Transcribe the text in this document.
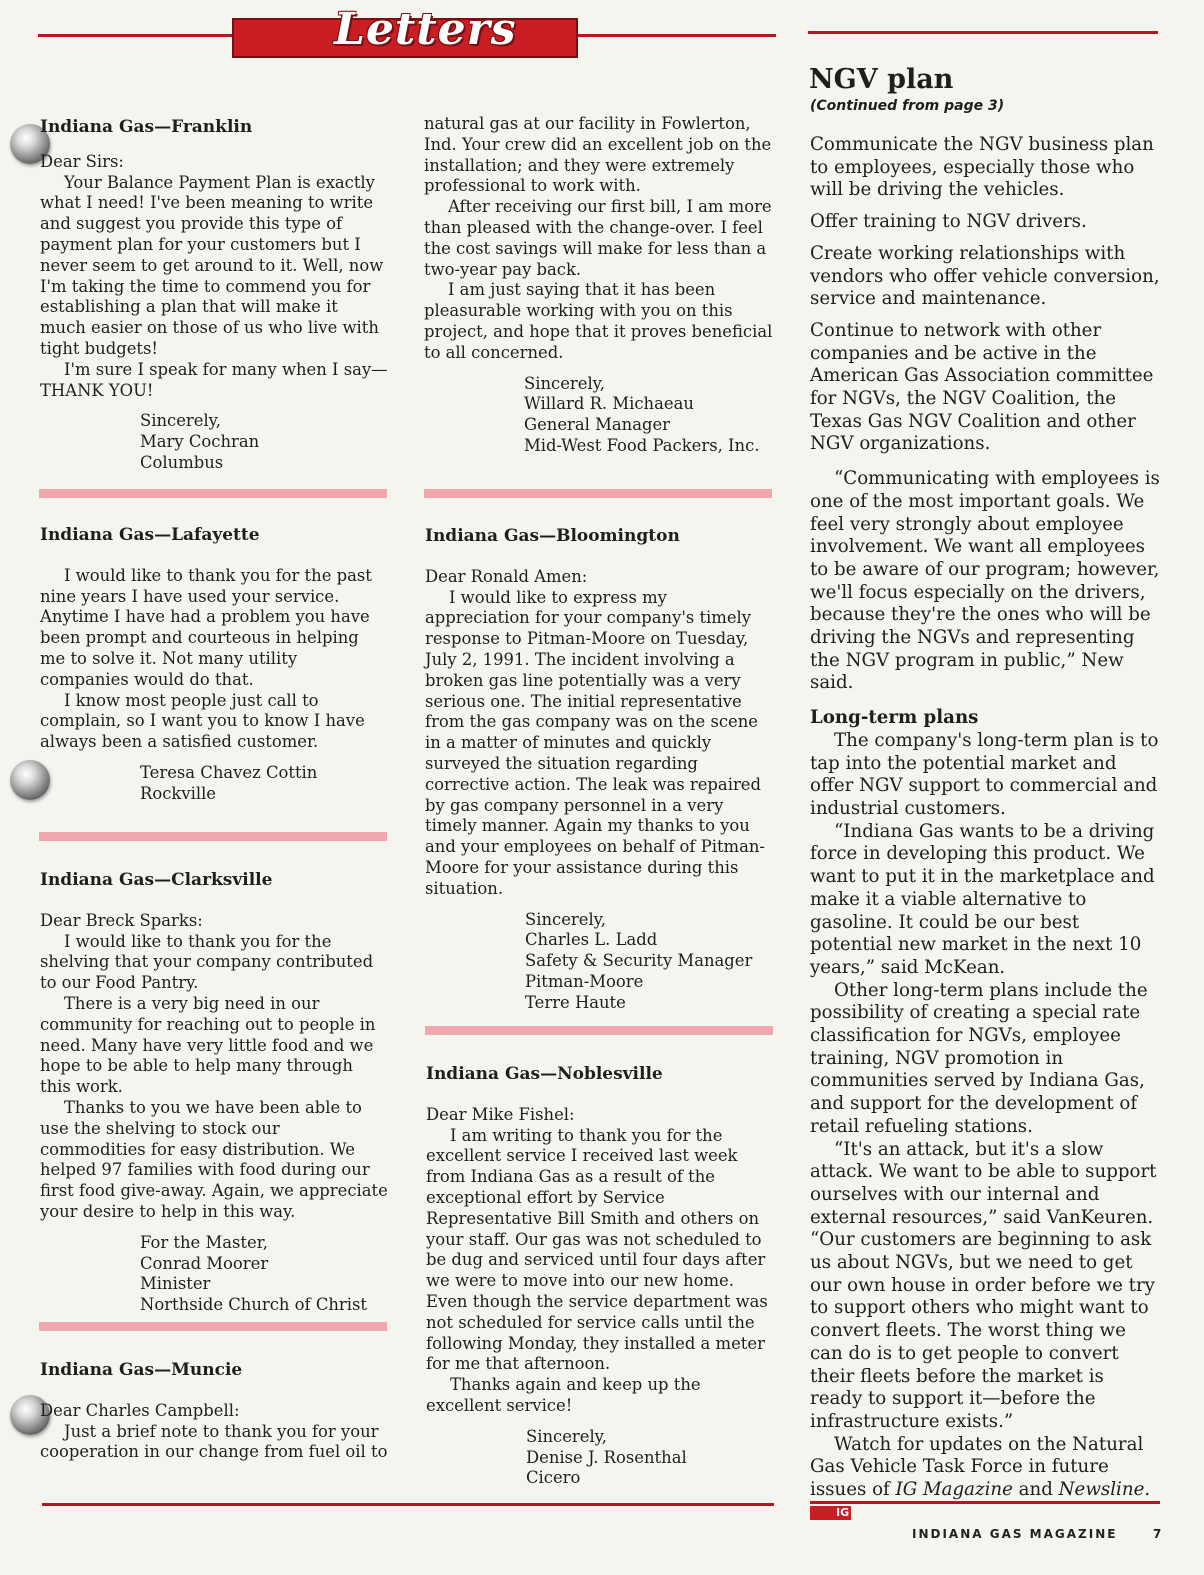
Letters

Indiana Gas—Franklin

Dear Sirs:

Your Balance Payment Plan is exactly what I need! I've been meaning to write and suggest you provide this type of payment plan for your customers but I never seem to get around to it. Well, now I'm taking the time to commend you for establishing a plan that will make it much easier on those of us who live with tight budgets!

I'm sure I speak for many when I say—THANK YOU!

Sincerely,

Mary Cochran

Columbus

Indiana Gas—Lafayette

I would like to thank you for the past nine years I have used your service. Anytime I have had a problem you have been prompt and courteous in helping me to solve it. Not many utility companies would do that.

I know most people just call to complain, so I want you to know I have always been a satisfied customer.

Teresa Chavez Cottin

Rockville

Indiana Gas—Clarksville

Dear Breck Sparks:

I would like to thank you for the shelving that your company contributed to our Food Pantry.

There is a very big need in our community for reaching out to people in need. Many have very little food and we hope to be able to help many through this work.

Thanks to you we have been able to use the shelving to stock our commodities for easy distribution. We helped 97 families with food during our first food give-away. Again, we appreciate your desire to help in this way.

For the Master,

Conrad Moorer

Minister

Northside Church of Christ

Indiana Gas—Muncie

Dear Charles Campbell:

Just a brief note to thank you for your cooperation in our change from fuel oil to

natural gas at our facility in Fowlerton, Ind. Your crew did an excellent job on the installation; and they were extremely professional to work with.

After receiving our first bill, I am more than pleased with the change-over. I feel the cost savings will make for less than a two-year pay back.

I am just saying that it has been pleasurable working with you on this project, and hope that it proves beneficial to all concerned.

Sincerely,

Willard R. Michaeau

General Manager

Mid-West Food Packers, Inc.

Indiana Gas—Bloomington

Dear Ronald Amen:

I would like to express my appreciation for your company's timely response to Pitman-Moore on Tuesday, July 2, 1991. The incident involving a broken gas line potentially was a very serious one. The initial representative from the gas company was on the scene in a matter of minutes and quickly surveyed the situation regarding corrective action. The leak was repaired by gas company personnel in a very timely manner. Again my thanks to you and your employees on behalf of Pitman-Moore for your assistance during this situation.

Sincerely,

Charles L. Ladd

Safety & Security Manager

Pitman-Moore

Terre Haute

Indiana Gas—Noblesville

Dear Mike Fishel:

I am writing to thank you for the excellent service I received last week from Indiana Gas as a result of the exceptional effort by Service Representative Bill Smith and others on your staff. Our gas was not scheduled to be dug and serviced until four days after we were to move into our new home. Even though the service department was not scheduled for service calls until the following Monday, they installed a meter for me that afternoon.

Thanks again and keep up the excellent service!

Sincerely,

Denise J. Rosenthal

Cicero

NGV plan
(Continued from page 3)

Communicate the NGV business plan to employees, especially those who will be driving the vehicles.

Offer training to NGV drivers.

Create working relationships with vendors who offer vehicle conversion, service and maintenance.

Continue to network with other companies and be active in the American Gas Association committee for NGVs, the NGV Coalition, the Texas Gas NGV Coalition and other NGV organizations.

“Communicating with employees is one of the most important goals. We feel very strongly about employee involvement. We want all employees to be aware of our program; however, we'll focus especially on the drivers, because they're the ones who will be driving the NGVs and representing the NGV program in public,” New said.

Long-term plans

The company's long-term plan is to tap into the potential market and offer NGV support to commercial and industrial customers.

“Indiana Gas wants to be a driving force in developing this product. We want to put it in the marketplace and make it a viable alternative to gasoline. It could be our best potential new market in the next 10 years,” said McKean.

Other long-term plans include the possibility of creating a special rate classification for NGVs, employee training, NGV promotion in communities served by Indiana Gas, and support for the development of retail refueling stations.

“It's an attack, but it's a slow attack. We want to be able to support ourselves with our internal and external resources,” said VanKeuren. “Our customers are beginning to ask us about NGVs, but we need to get our own house in order before we try to support others who might want to convert fleets. The worst thing we can do is to get people to convert their fleets before the market is ready to support it—before the infrastructure exists.”

Watch for updates on the Natural Gas Vehicle Task Force in future issues of IG Magazine and Newsline. IG

INDIANA GAS MAGAZINE	7
